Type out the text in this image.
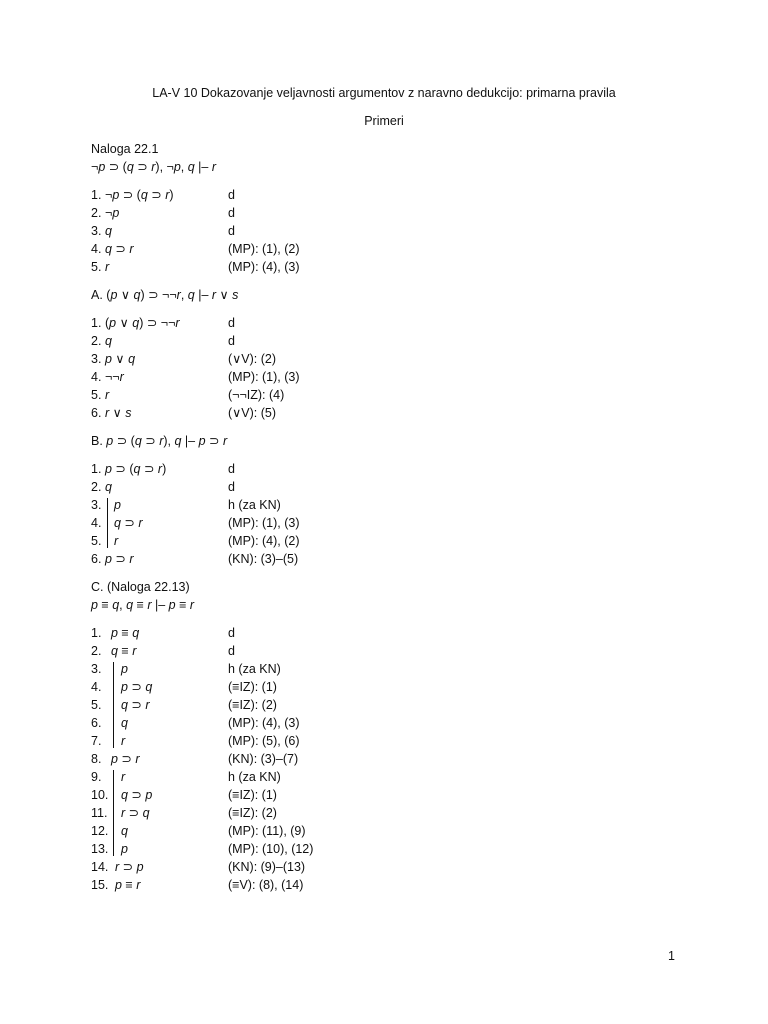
LA-V 10 Dokazovanje veljavnosti argumentov z naravno dedukcijo: primarna pravila
Primeri
Naloga 22.1
¬p ⊃ (q ⊃ r), ¬p, q |– r
1. ¬p ⊃ (q ⊃ r)	d
2. ¬p	d
3. q	d
4. q ⊃ r	(MP): (1), (2)
5. r	(MP): (4), (3)
A. (p ∨ q) ⊃ ¬¬r, q |– r ∨ s
1. (p ∨ q) ⊃ ¬¬r	d
2. q	d
3. p ∨ q	(∨V): (2)
4. ¬¬r	(MP): (1), (3)
5. r	(¬¬IZ): (4)
6. r ∨ s	(∨V): (5)
B. p ⊃ (q ⊃ r), q |– p ⊃ r
1. p ⊃ (q ⊃ r)	d
2. q	d
3. p	h (za KN)
4. q ⊃ r	(MP): (1), (3)
5. r	(MP): (4), (2)
6. p ⊃ r	(KN): (3)–(5)
C. (Naloga 22.13)
p ≡ q, q ≡ r |– p ≡ r
1. p ≡ q	d
2. q ≡ r	d
3. p	h (za KN)
4. p ⊃ q	(≡IZ): (1)
5. q ⊃ r	(≡IZ): (2)
6. q	(MP): (4), (3)
7. r	(MP): (5), (6)
8. p ⊃ r	(KN): (3)–(7)
9. r	h (za KN)
10. q ⊃ p	(≡IZ): (1)
11. r ⊃ q	(≡IZ): (2)
12. q	(MP): (11), (9)
13. p	(MP): (10), (12)
14. r ⊃ p	(KN): (9)–(13)
15. p ≡ r	(≡V): (8), (14)
1
